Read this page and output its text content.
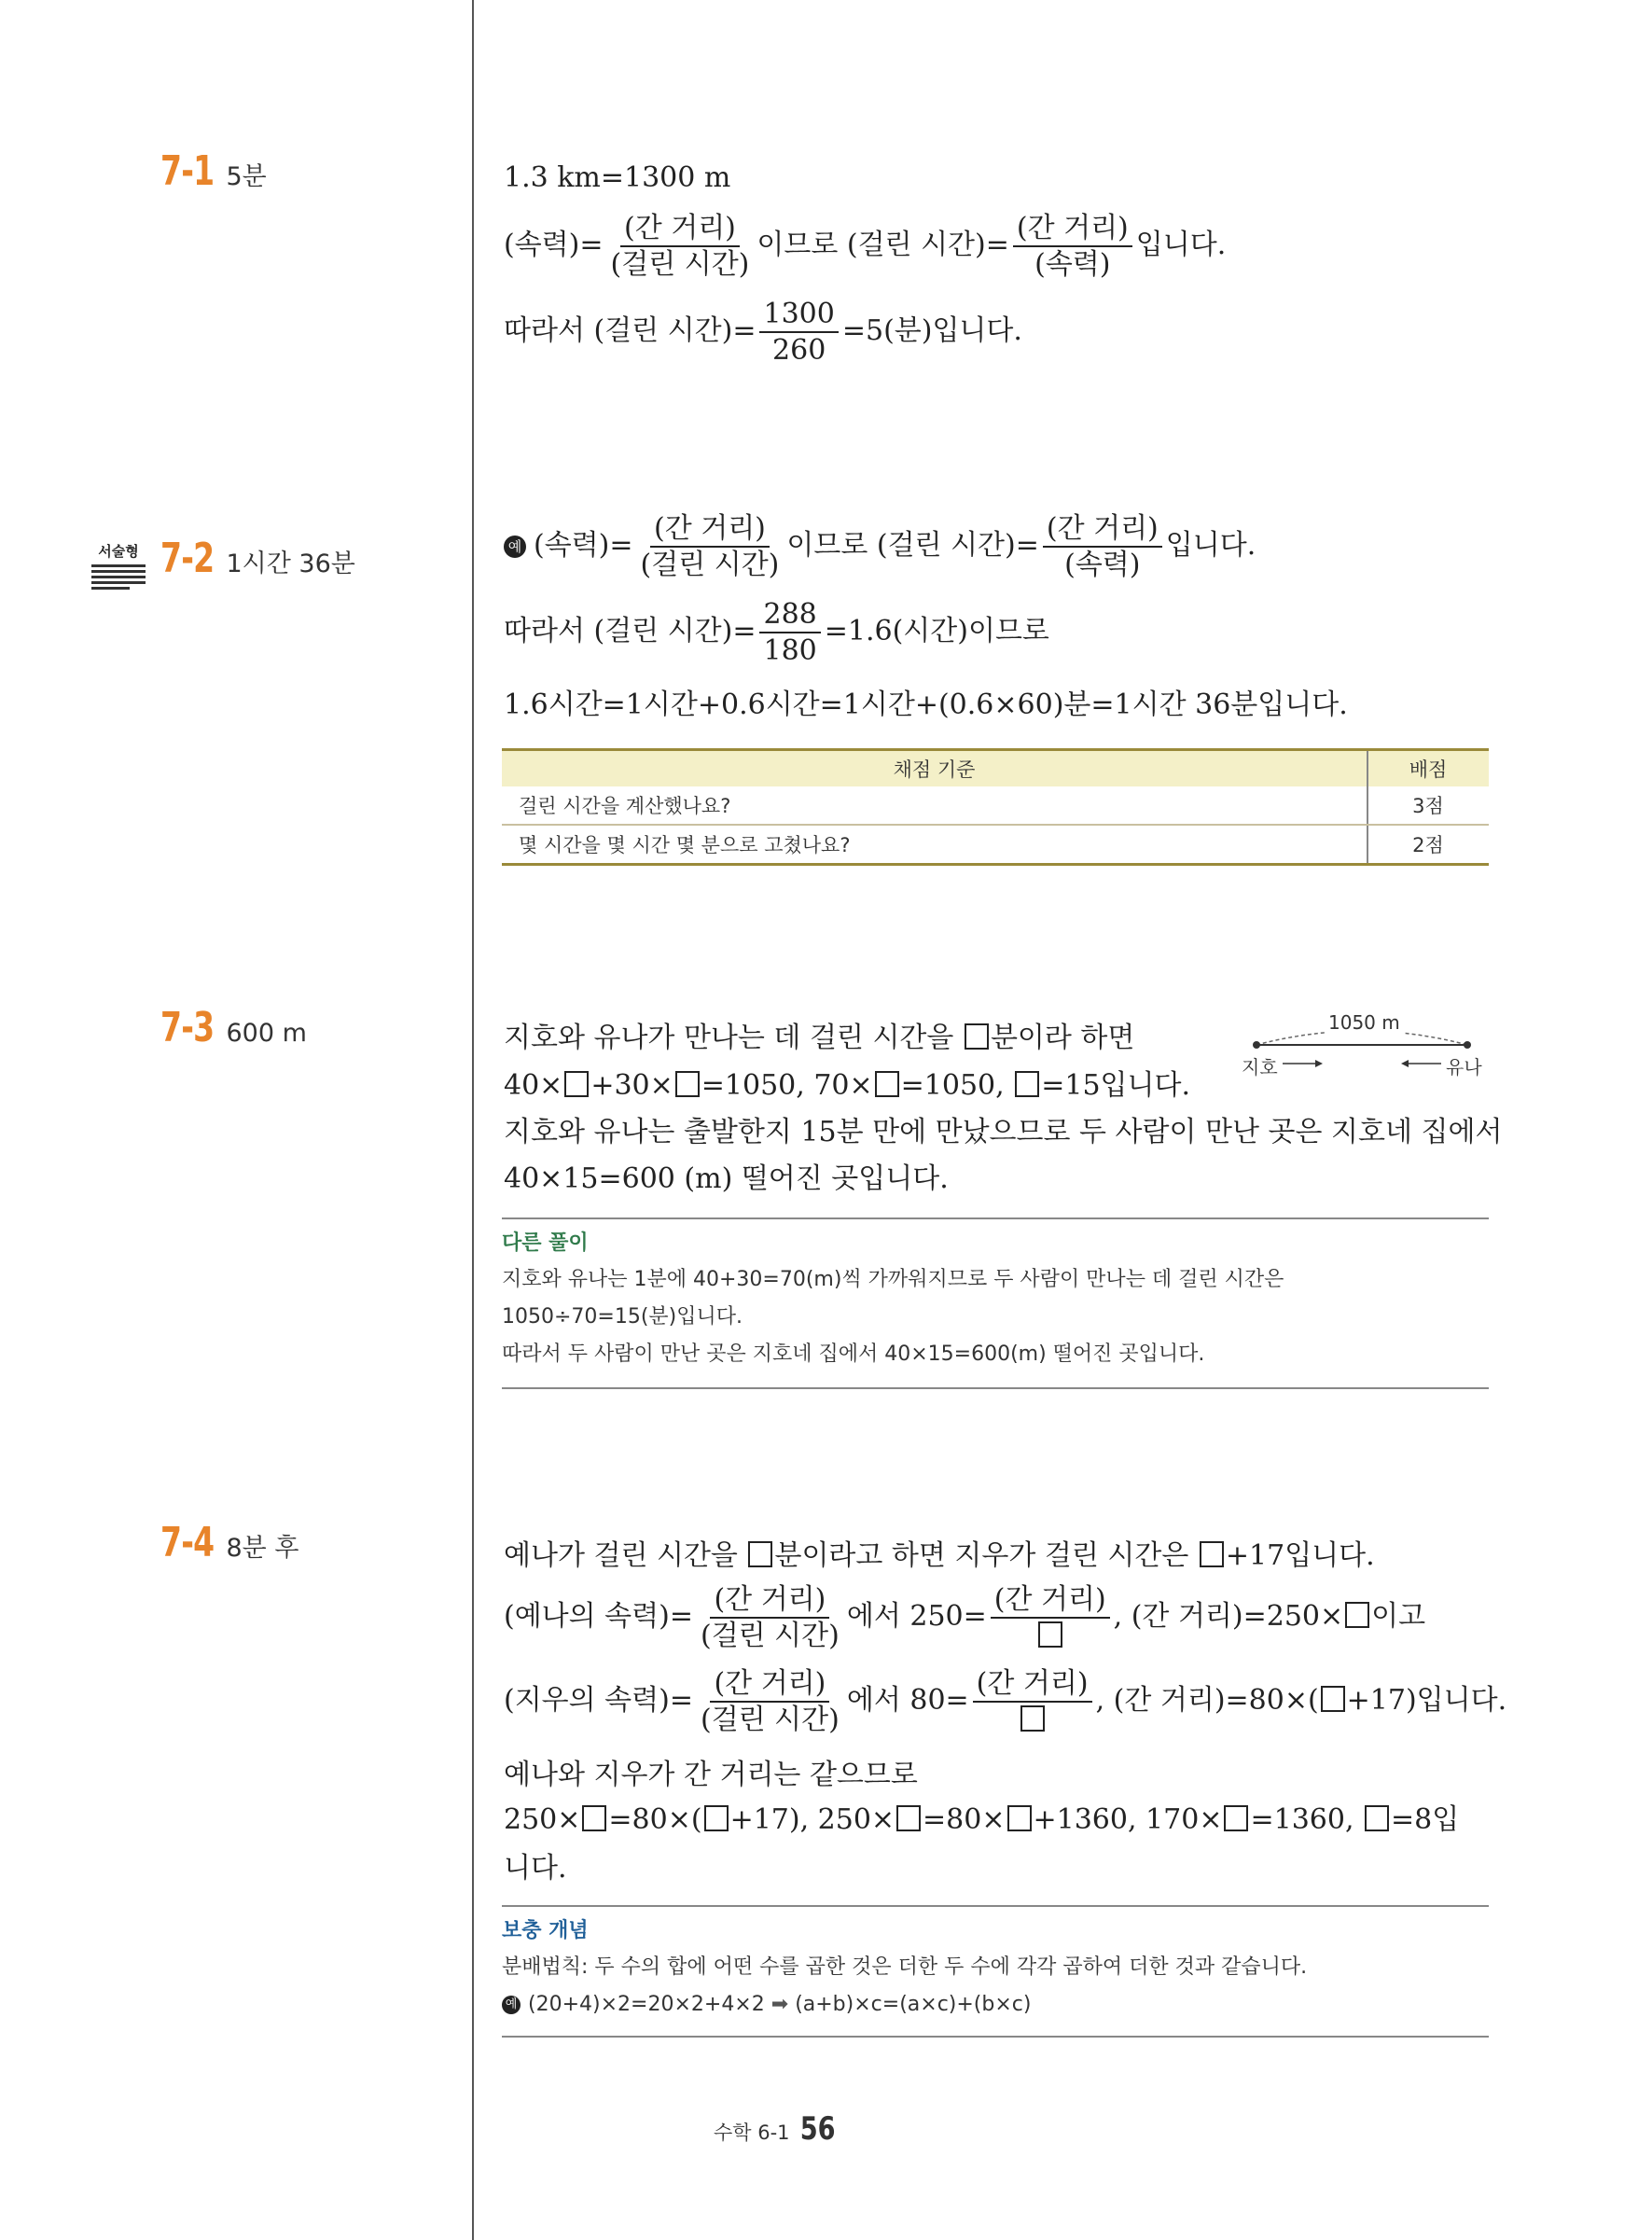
7-1 5분
서술형 7-2 1시간 36분
7-3 600 m
7-4 8분 후
1.3 km=1300 m
(속력)= $\frac{\text{(간 거리)}}{\text{(걸린 시간)}}$ 이므로 (걸린 시간)= $\frac{\text{(간 거리)}}{\text{(속력)}}$ 입니다.
따라서 (걸린 시간)= $\frac{1300}{260} =5$(분)입니다.
예 (속력)= $\frac{\text{(간 거리)}}{\text{(걸린 시간)}}$ 이므로 (걸린 시간)= $\frac{\text{(간 거리)}}{\text{(속력)}}$ 입니다.
따라서 (걸린 시간)= $\frac{288}{180} =1.6$(시간)이므로
1.6시간=1시간+0.6시간=1시간+(0.6×60)분=1시간 36분입니다.
채점 기준	배점
걸린 시간을 계산했나요?	3점
몇 시간을 몇 시간 몇 분으로 고쳤나요?	2점
지호와 유나가 만나는 데 걸린 시간을 분이라 하면
40× +30× =1050, 70× =1050, =15입니다.
지호와 유나는 출발한지 15분 만에 만났으므로 두 사람이 만난 곳은 지호네 집에서
40×15=600 (m) 떨어진 곳입니다.
1050 m
지호	유나
다른 풀이
지호와 유나는 1분에 40+30=70(m)씩 가까워지므로 두 사람이 만나는 데 걸린 시간은
1050÷70=15(분)입니다.
따라서 두 사람이 만난 곳은 지호네 집에서 40×15=600(m) 떨어진 곳입니다.
예나가 걸린 시간을 분이라고 하면 지우가 걸린 시간은 +17입니다.
(예나의 속력)= $\frac{\text{(간 거리)}}{\text{(걸린 시간)}}$ 에서 250=
(간 거리)
, (간 거리)=250× 이고
(지우의 속력)= $\frac{\text{(간 거리)}}{\text{(걸린 시간)}}$ 에서 80=
(간 거리)
, (간 거리)=80×( +17)입니다.
예나와 지우가 간 거리는 같으므로
250× =80×( +17), 250× =80× +1360, 170× =1360, =8입
니다.
보충 개념
분배법칙: 두 수의 합에 어떤 수를 곱한 것은 더한 두 수에 각각 곱하여 더한 것과 같습니다.
예 (20+4)×2=20×2+4×2 ➡ (a+b)×c=(a×c)+(b×c)
수학 6-1 56
